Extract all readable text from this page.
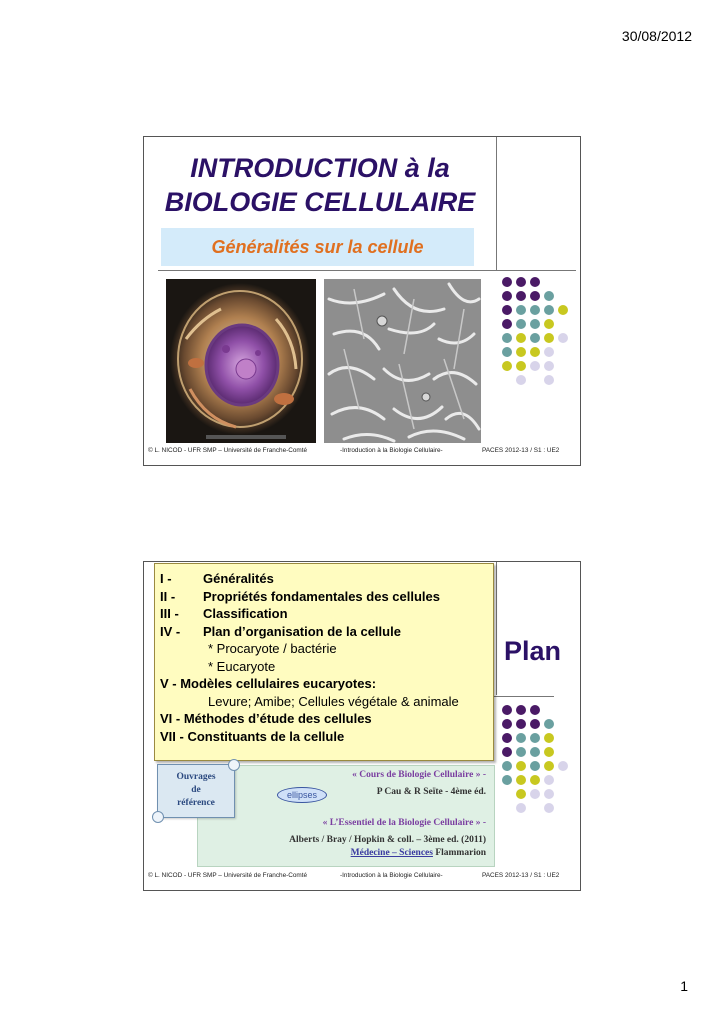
30/08/2012
INTRODUCTION à la
BIOLOGIE CELLULAIRE
Généralités sur la cellule
© L. NICOD - UFR SMP – Université de Franche-Comté	-Introduction à la Biologie Cellulaire-	PACES 2012-13 / S1 : UE2
Plan
© L. NICOD - UFR SMP – Université de Franche-Comté	-Introduction à la Biologie Cellulaire-	PACES 2012-13 / S1 : UE2
« Cours de Biologie Cellulaire » -
P Cau & R Seïte - 4ème éd.
« L’Essentiel de la Biologie Cellulaire » -
Alberts / Bray / Hopkin & coll. – 3ème ed. (2011)
Médecine – Sciences Flammarion
ellipses
Ouvrages
de
référence
I - Généralités
II - Propriétés fondamentales des cellules
III - Classification
IV - Plan d’organisation de la cellule
* Procaryote / bactérie
* Eucaryote
V - Modèles cellulaires eucaryotes:
Levure; Amibe; Cellules végétale & animale
VI - Méthodes d’étude des cellules
VII - Constituants de la cellule
1
